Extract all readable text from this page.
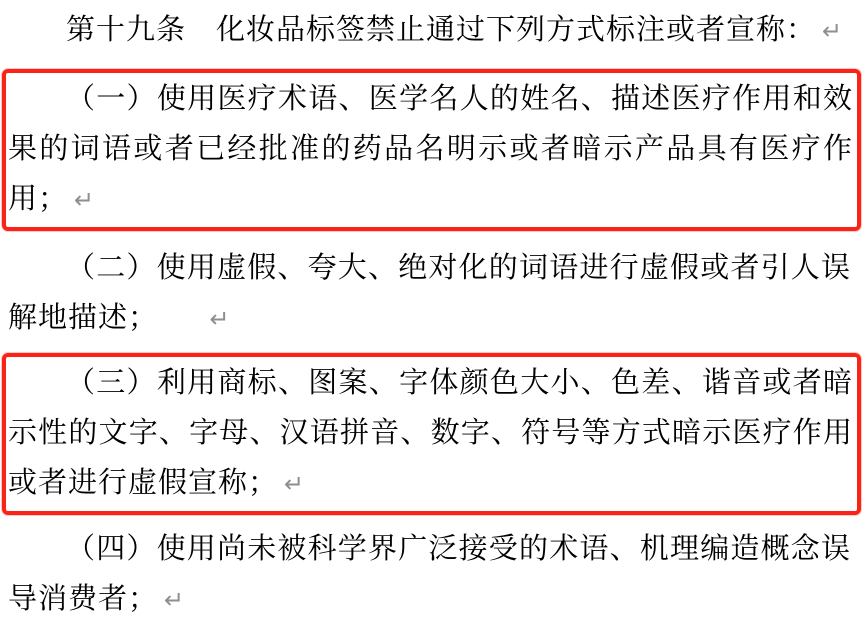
第十九条　化妆品标签禁止通过下列方式标注或者宣称： ↵

（一）使用医疗术语、医学名人的姓名、描述医疗作用和效果的词语或者已经批准的药品名明示或者暗示产品具有医疗作用； ↵

（二）使用虚假、夸大、绝对化的词语进行虚假或者引人误解地描述；　　↵

（三）利用商标、图案、字体颜色大小、色差、谐音或者暗示性的文字、字母、汉语拼音、数字、符号等方式暗示医疗作用或者进行虚假宣称； ↵

（四）使用尚未被科学界广泛接受的术语、机理编造概念误导消费者； ↵
